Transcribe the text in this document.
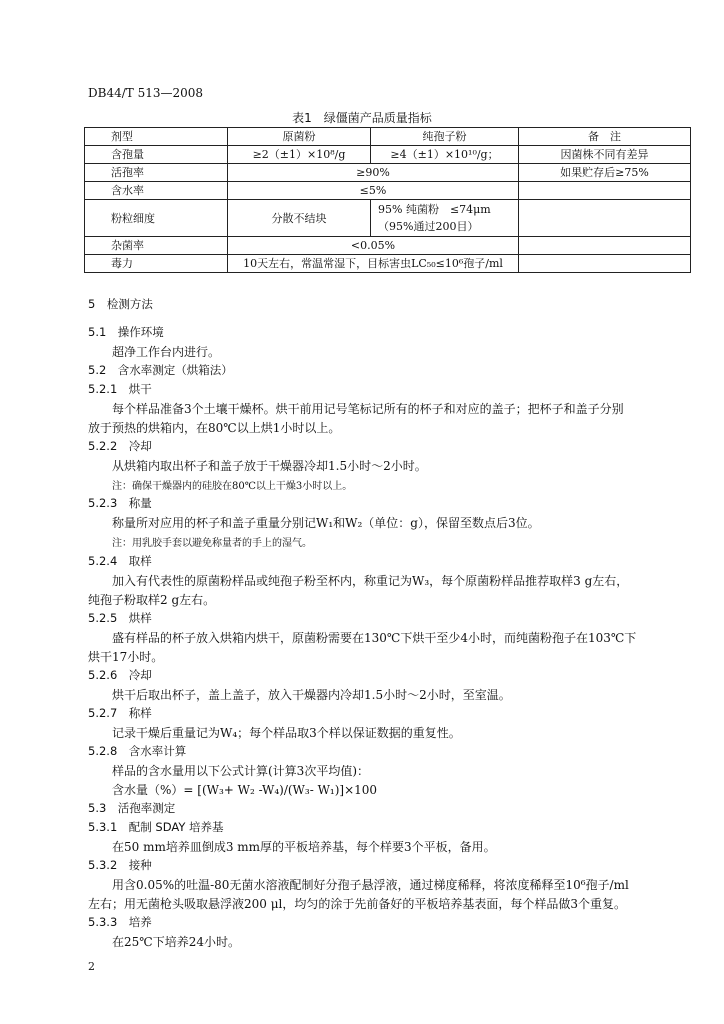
DB44/T 513—2008
表1　绿僵菌产品质量指标
剂型	原菌粉	纯孢子粉	备　注
含孢量	≥2（±1）×10⁸/g	≥4（±1）×10¹⁰/g；	因菌株不同有差异
活孢率	≥90%		如果贮存后≥75%
含水率	≤5%		
粉粒细度	分散不结块	95% 纯菌粉　≤74μm
（95%通过200目）	

杂菌率	<0.05%		
毒力	10天左右，常温常湿下，目标害虫LC₅₀≤10⁶孢子/ml		
5　检测方法
5.1　操作环境
超净工作台内进行。
5.2　含水率测定（烘箱法）
5.2.1　烘干
每个样品准备3个土壤干燥杯。烘干前用记号笔标记所有的杯子和对应的盖子；把杯子和盖子分别
放于预热的烘箱内，在80℃以上烘1小时以上。
5.2.2　冷却
从烘箱内取出杯子和盖子放于干燥器冷却1.5小时～2小时。
注：确保干燥器内的硅胶在80℃以上干燥3小时以上。
5.2.3　称量
称量所对应用的杯子和盖子重量分别记W₁和W₂（单位：g），保留至数点后3位。
注：用乳胶手套以避免称量者的手上的湿气。
5.2.4　取样
加入有代表性的原菌粉样品或纯孢子粉至杯内，称重记为W₃，每个原菌粉样品推荐取样3 g左右，
纯孢子粉取样2 g左右。
5.2.5　烘样
盛有样品的杯子放入烘箱内烘干，原菌粉需要在130℃下烘干至少4小时，而纯菌粉孢子在103℃下
烘干17小时。
5.2.6　冷却
烘干后取出杯子，盖上盖子，放入干燥器内冷却1.5小时～2小时，至室温。
5.2.7　称样
记录干燥后重量记为W₄；每个样品取3个样以保证数据的重复性。
5.2.8　含水率计算
样品的含水量用以下公式计算(计算3次平均值)：
含水量（%）= [(W₃+ W₂ -W₄)/(W₃- W₁)]×100
5.3　活孢率测定
5.3.1　配制 SDAY 培养基
在50 mm培养皿倒成3 mm厚的平板培养基，每个样要3个平板，备用。
5.3.2　接种
用含0.05%的吐温-80无菌水溶液配制好分孢子悬浮液，通过梯度稀释，将浓度稀释至10⁶孢子/ml
左右；用无菌枪头吸取悬浮液200 μl，均匀的涂于先前备好的平板培养基表面，每个样品做3个重复。
5.3.3　培养
在25℃下培养24小时。
2
